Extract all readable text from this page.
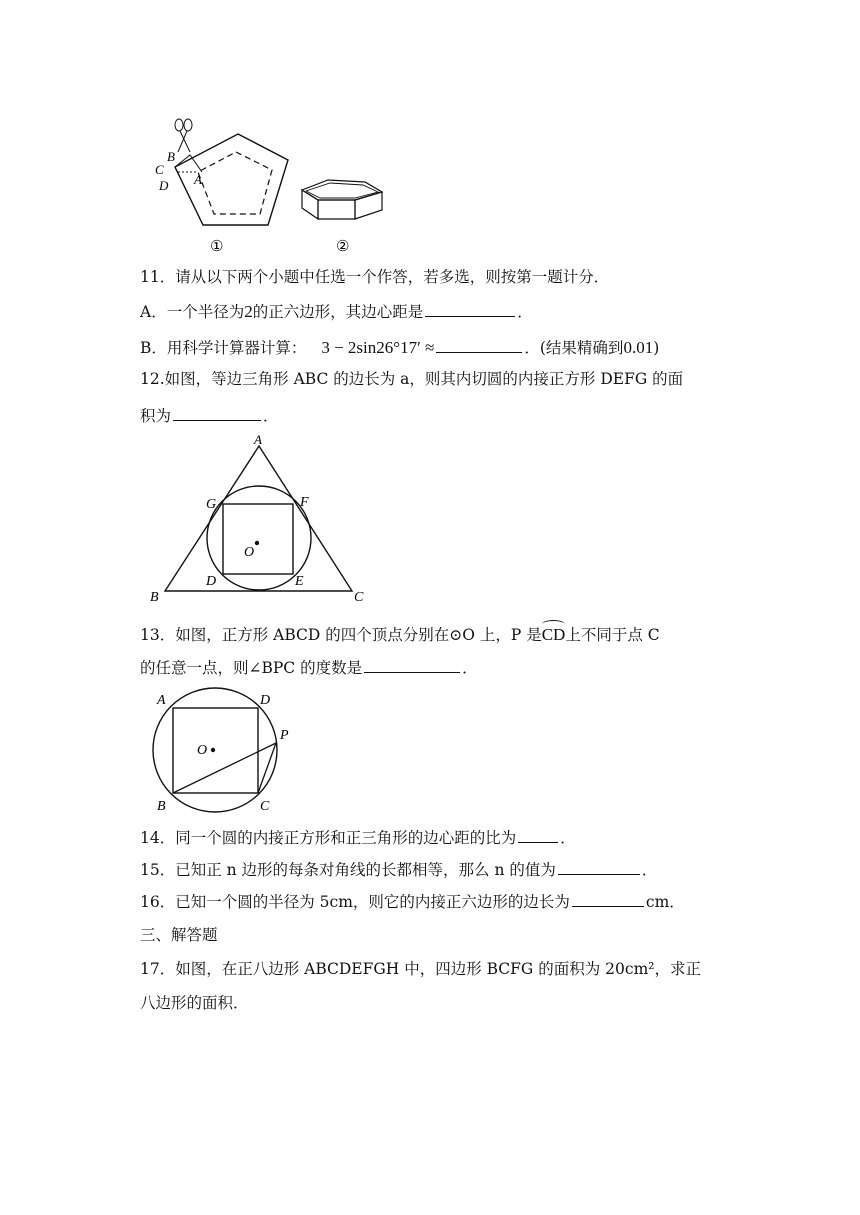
B
C
D A
①	②
11．请从以下两个小题中任选一个作答，若多选，则按第一题计分．
A．一个半径为2的正六边形，其边心距是	．
B．用科学计算器计算： 3 − 2sin26°17′ ≈	．(结果精确到0.01)
12.如图，等边三角形 ABC 的边长为 a，则其内切圆的内接正方形 DEFG 的面
积为	．
A
G	F
O
B
D	E
C
13．如图，正方形 ABCD 的四个顶点分别在⊙O 上，P 是CD上不同于点 C
的任意一点，则∠BPC 的度数是	．
A	D
P
O
B	C
14．同一个圆的内接正方形和正三角形的边心距的比为	．
15．已知正 n 边形的每条对角线的长都相等，那么 n 的值为	．
16．已知一个圆的半径为 5cm，则它的内接正六边形的边长为	cm．
三、解答题
17．如图，在正八边形 ABCDEFGH 中，四边形 BCFG 的面积为 20cm²，求正
八边形的面积．
